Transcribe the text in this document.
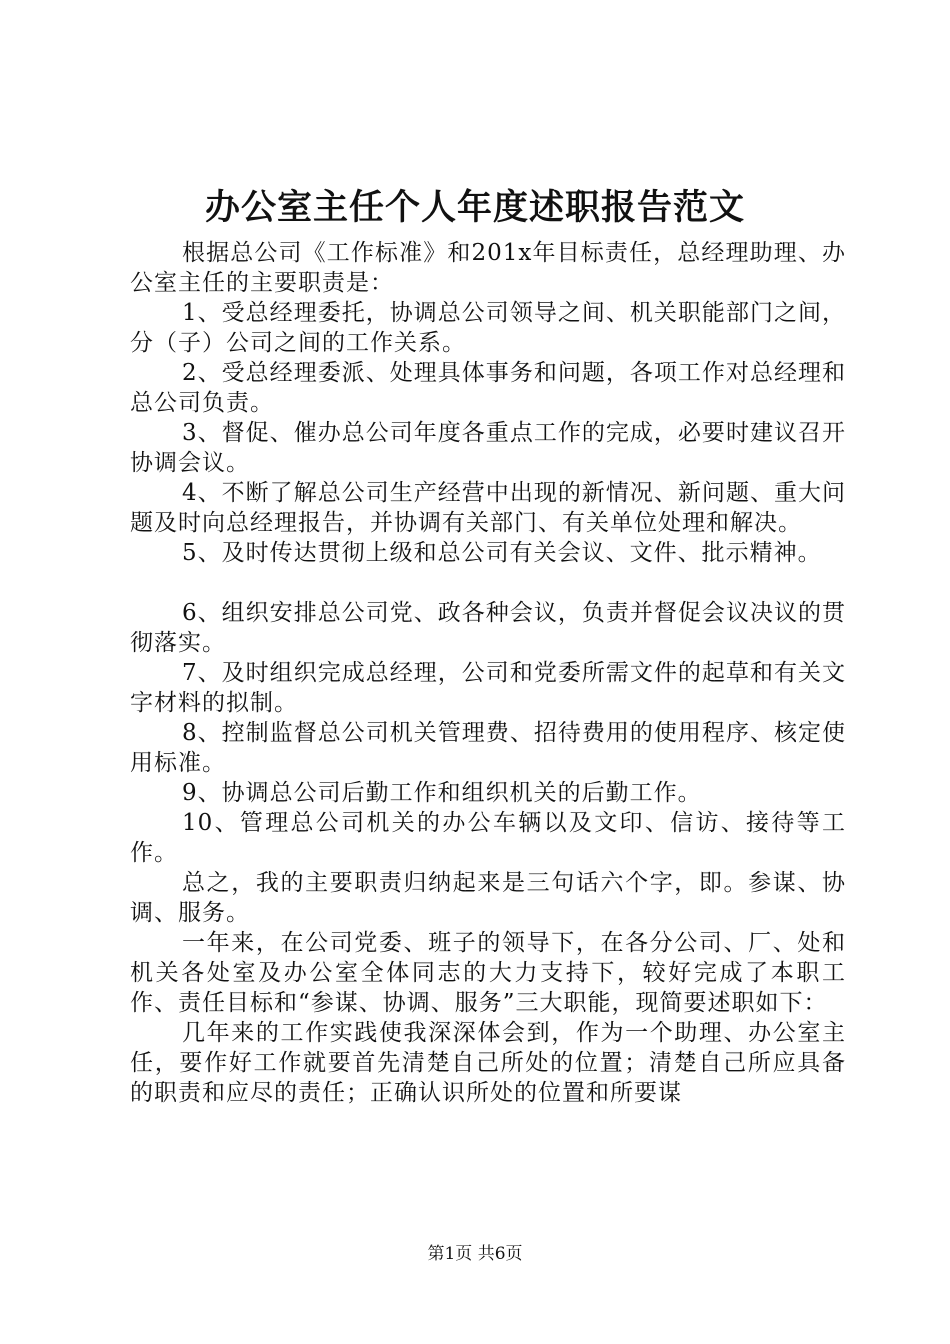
办公室主任个人年度述职报告范文

根据总公司《工作标准》和201x年目标责任，总经理助理、办公室主任的主要职责是：

1、受总经理委托，协调总公司领导之间、机关职能部门之间，分（子）公司之间的工作关系。

2、受总经理委派、处理具体事务和问题，各项工作对总经理和总公司负责。

3、督促、催办总公司年度各重点工作的完成，必要时建议召开协调会议。

4、不断了解总公司生产经营中出现的新情况、新问题、重大问题及时向总经理报告，并协调有关部门、有关单位处理和解决。

5、及时传达贯彻上级和总公司有关会议、文件、批示精神。

6、组织安排总公司党、政各种会议，负责并督促会议决议的贯彻落实。

7、及时组织完成总经理，公司和党委所需文件的起草和有关文字材料的拟制。

8、控制监督总公司机关管理费、招待费用的使用程序、核定使用标准。

9、协调总公司后勤工作和组织机关的后勤工作。

10、管理总公司机关的办公车辆以及文印、信访、接待等工作。

总之，我的主要职责归纳起来是三句话六个字，即。参谋、协调、服务。

一年来，在公司党委、班子的领导下，在各分公司、厂、处和机关各处室及办公室全体同志的大力支持下，较好完成了本职工作、责任目标和“参谋、协调、服务”三大职能，现简要述职如下：

几年来的工作实践使我深深体会到，作为一个助理、办公室主任，要作好工作就要首先清楚自己所处的位置；清楚自己所应具备的职责和应尽的责任；正确认识所处的位置和所要谋

第1页 共6页
